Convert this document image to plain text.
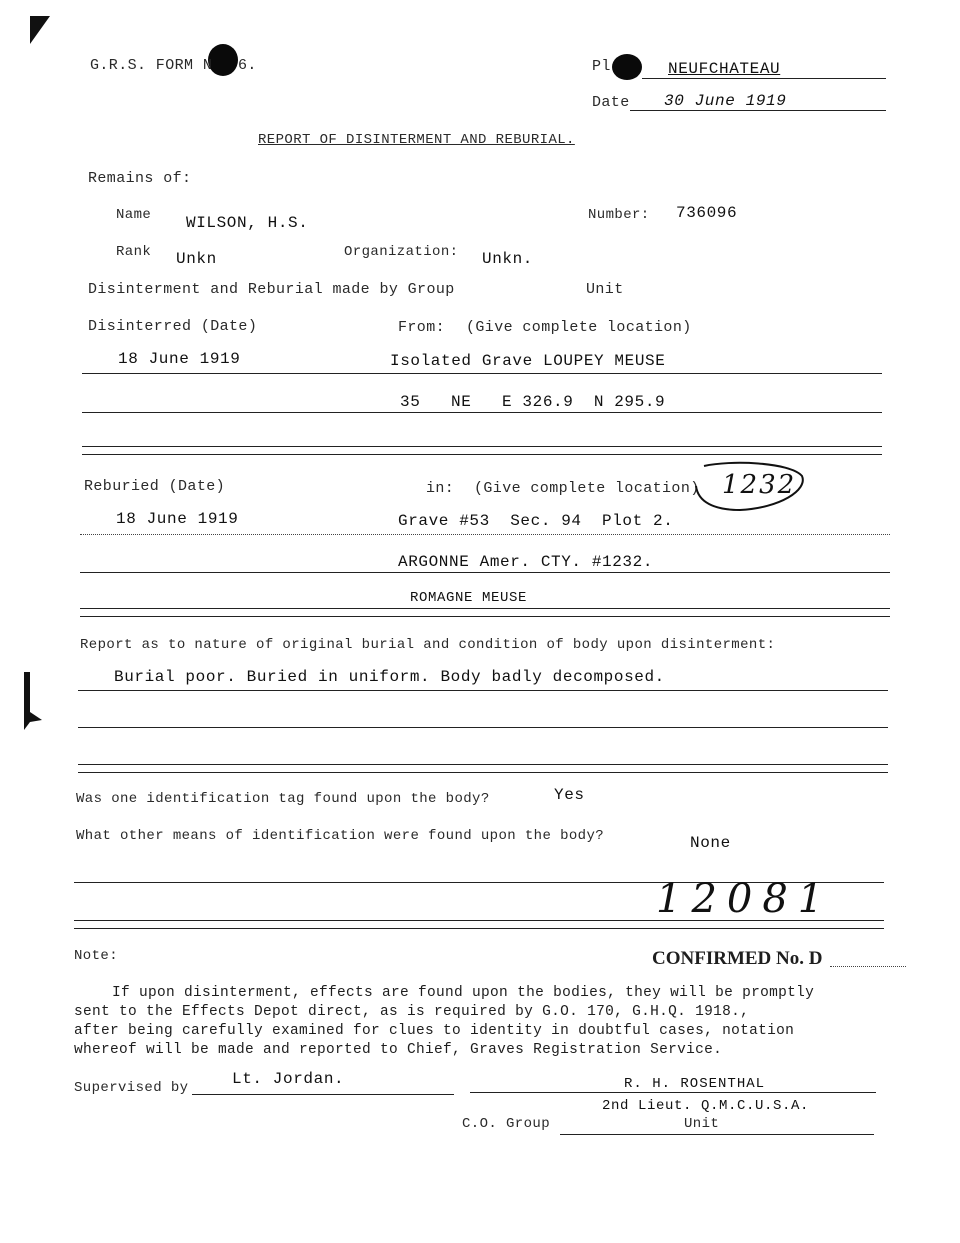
G.R.S. FORM N 6.	Pl	NEUFCHATEAU
Date 30 June 1919
REPORT OF DISINTERMENT AND REBURIAL.
Remains of:
Name WILSON, H.S.	Number: 736096
Rank Unkn	Organization: Unkn.
Disinterment and Reburial made by Group	Unit
Disinterred (Date)	From: (Give complete location)
18 June 1919	Isolated Grave LOUPEY MEUSE
35   NE   E 326.9  N 295.9
Reburied (Date)	in: (Give complete location) 1232
18 June 1919	Grave #53  Sec. 94  Plot 2.
ARGONNE Amer. CTY. #1232.
ROMAGNE MEUSE
Report as to nature of original burial and condition of body upon disinterment:
Burial poor. Buried in uniform. Body badly decomposed.
Was one identification tag found upon the body?	Yes
What other means of identification were found upon the body?	None
12081
Note:	CONFIRMED No. D
If upon disinterment, effects are found upon the bodies, they will be promptly
sent to the Effects Depot direct, as is required by G.O. 170, G.H.Q. 1918.,
after being carefully examined for clues to identity in doubtful cases, notation
whereof will be made and reported to Chief, Graves Registration Service.
Supervised by	Lt. Jordan.	R. H. ROSENTHAL
2nd Lieut. Q.M.C.U.S.A.
C.O. Group	Unit
